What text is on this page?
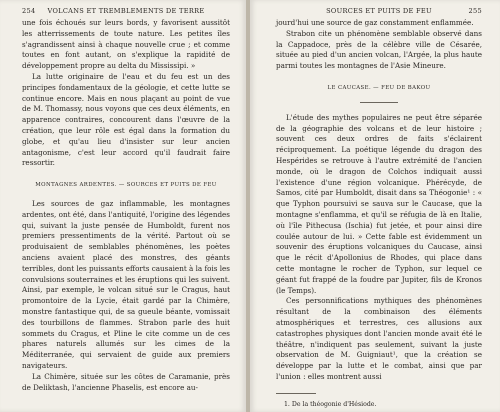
254	VOLCANS ET TREMBLEMENTS DE TERRE

une fois échoués sur leurs bords, y favorisent aussitôt les atterrissements de toute nature. Les petites îles s'agrandissent ainsi à chaque nouvelle crue ; et comme toutes en font autant, on s'explique la rapidité de développement propre au delta du Mississipi. »

La lutte originaire de l'eau et du feu est un des principes fondamentaux de la géologie, et cette lutte se continue encore. Mais en nous plaçant au point de vue de M. Thomassy, nous voyons que ces deux éléments, en apparence contraires, concourent dans l'œuvre de la création, que leur rôle est égal dans la formation du globe, et qu'au lieu d'insister sur leur ancien antagonisme, c'est leur accord qu'il faudrait faire ressortir.

MONTAGNES ARDENTES. — SOURCES ET PUITS DE FEU

Les sources de gaz inflammable, les montagnes ardentes, ont été, dans l'antiquité, l'origine des légendes qui, suivant la juste pensée de Humboldt, furent nos premiers pressentiments de la vérité. Partout où se produisaient de semblables phénomènes, les poètes anciens avaient placé des monstres, des géants terribles, dont les puissants efforts causaient à la fois les convulsions souterraines et les éruptions qui les suivent. Ainsi, par exemple, le volcan situé sur le Cragus, haut promontoire de la Lycie, était gardé par la Chimère, monstre fantastique qui, de sa gueule béante, vomissait des tourbillons de flammes. Strabon parle des huit sommets du Cragus, et Pline le cite comme un de ces phares naturels allumés sur les cimes de la Méditerranée, qui servaient de guide aux premiers navigateurs.

La Chimère, située sur les côtes de Caramanie, près de Deliktash, l'ancienne Phaselis, est encore au-

SOURCES ET PUITS DE FEU	255

jourd'hui une source de gaz constamment enflammée.

Strabon cite un phénomène semblable observé dans la Cappadoce, près de la célèbre ville de Césarée, située au pied d'un ancien volcan, l'Argée, la plus haute parmi toutes les montagnes de l'Asie Mineure.

LE CAUCASE. — FEU DE BAKOU

L'étude des mythes populaires ne peut être séparée de la géographie des volcans et de leur histoire ; souvent ces deux ordres de faits s'éclairent réciproquement. La poétique légende du dragon des Hespérides se retrouve à l'autre extrémité de l'ancien monde, où le dragon de Colchos indiquait aussi l'existence d'une région volcanique. Phérécyde, de Samos, cité par Humboldt, disait dans sa Théogonie¹ : « que Typhon poursuivi se sauva sur le Caucase, que la montagne s'enflamma, et qu'il se réfugia de là en Italie, où l'île Pithecusa (Ischia) fut jetée, et pour ainsi dire coulée autour de lui. » Cette fable est évidemment un souvenir des éruptions volcaniques du Caucase, ainsi que le récit d'Apollonius de Rhodes, qui place dans cette montagne le rocher de Typhon, sur lequel ce géant fut frappé de la foudre par Jupiter, fils de Kronos (le Temps).

Ces personnifications mythiques des phénomènes résultant de la combinaison des éléments atmosphériques et terrestres, ces allusions aux catastrophes physiques dont l'ancien monde avait été le théâtre, n'indiquent pas seulement, suivant la juste observation de M. Guigniaut¹, que la création se développe par la lutte et le combat, ainsi que par l'union : elles montrent aussi

1. De la théogonie d'Hésiode.
